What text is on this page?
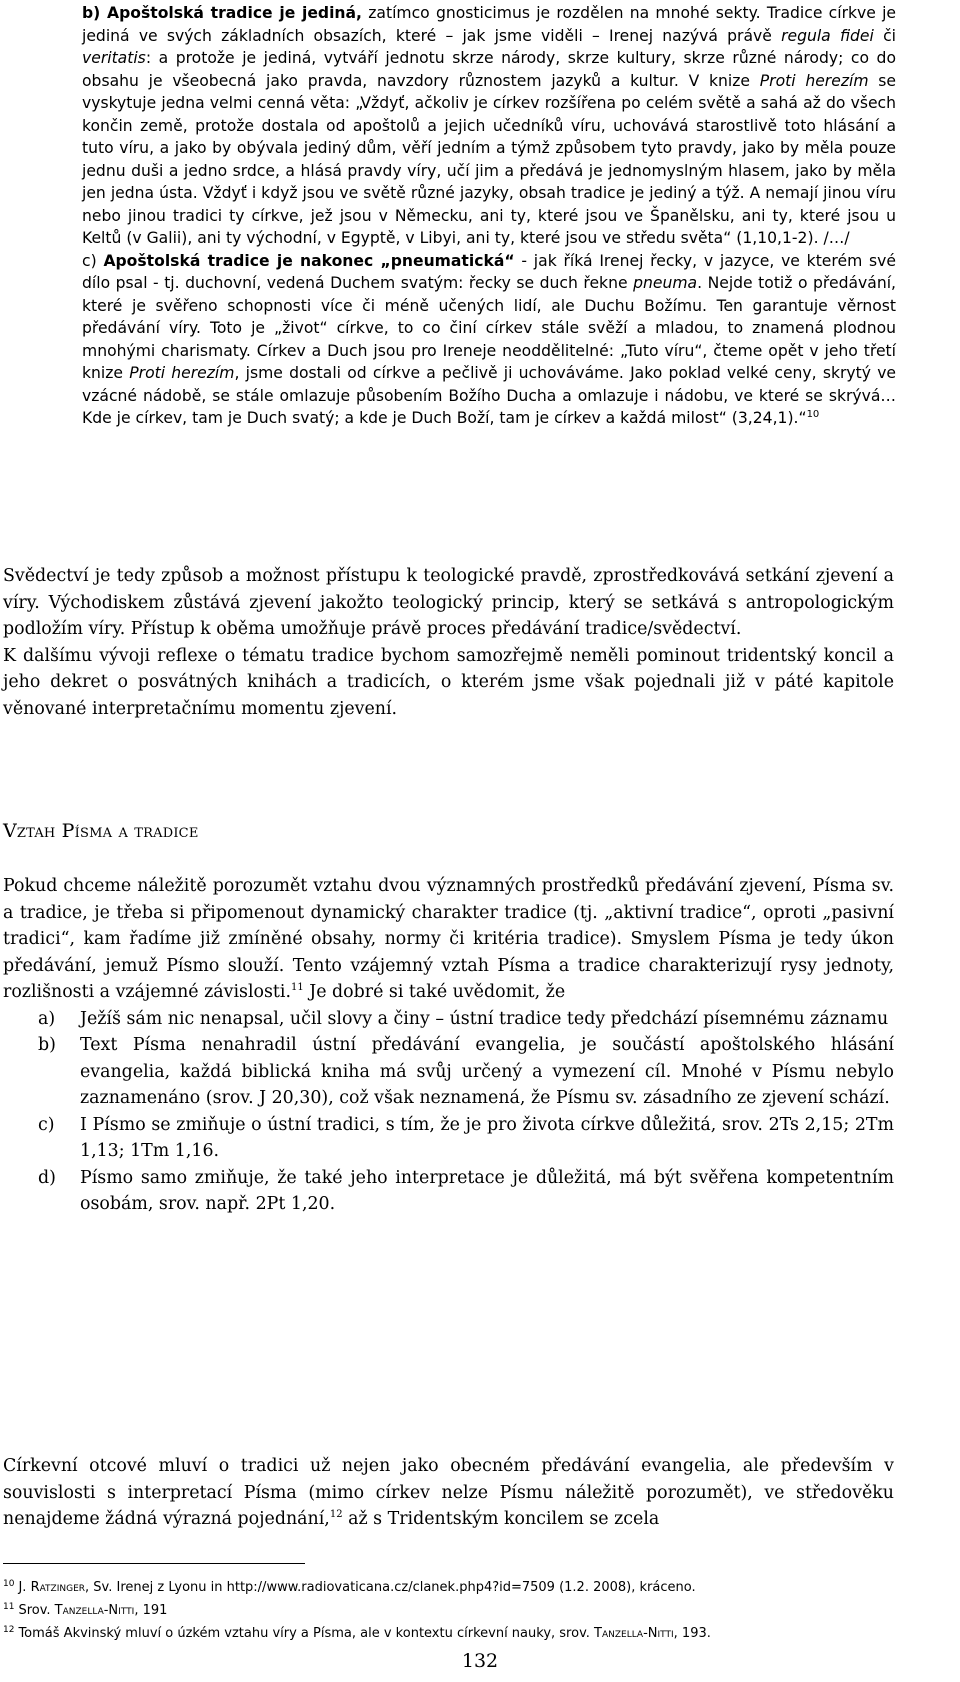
b) Apoštolská tradice je jediná, zatímco gnosticimus je rozdělen na mnohé sekty. Tradice církve je jediná ve svých základních obsazích, které – jak jsme viděli – Irenej nazývá právě regula fidei či veritatis: a protože je jediná, vytváří jednotu skrze národy, skrze kultury, skrze různé národy; co do obsahu je všeobecná jako pravda, navzdory různostem jazyků a kultur. V knize Proti herezím se vyskytuje jedna velmi cenná věta: „Vždyť, ačkoliv je církev rozšířena po celém světě a sahá až do všech končin země, protože dostala od apoštolů a jejich učedníků víru, uchovává starostlivě toto hlásání a tuto víru, a jako by obývala jediný dům, věří jedním a týmž způsobem tyto pravdy, jako by měla pouze jednu duši a jedno srdce, a hlásá pravdy víry, učí jim a předává je jednomyslným hlasem, jako by měla jen jedna ústa. Vždyť i když jsou ve světě různé jazyky, obsah tradice je jediný a týž. A nemají jinou víru nebo jinou tradici ty církve, jež jsou v Německu, ani ty, které jsou ve Španělsku, ani ty, které jsou u Keltů (v Galii), ani ty východní, v Egyptě, v Libyi, ani ty, které jsou ve středu světa“ (1,10,1-2). /…/

c) Apoštolská tradice je nakonec „pneumatická“ - jak říká Irenej řecky, v jazyce, ve kterém své dílo psal - tj. duchovní, vedená Duchem svatým: řecky se duch řekne pneuma. Nejde totiž o předávání, které je svěřeno schopnosti více či méně učených lidí, ale Duchu Božímu. Ten garantuje věrnost předávání víry. Toto je „život“ církve, to co činí církev stále svěží a mladou, to znamená plodnou mnohými charismaty. Církev a Duch jsou pro Ireneje neoddělitelné: „Tuto víru“, čteme opět v jeho třetí knize Proti herezím, jsme dostali od církve a pečlivě ji uchováváme. Jako poklad velké ceny, skrytý ve vzácné nádobě, se stále omlazuje působením Božího Ducha a omlazuje i nádobu, ve které se skrývá… Kde je církev, tam je Duch svatý; a kde je Duch Boží, tam je církev a každá milost“ (3,24,1).“$^{10}$

Svědectví je tedy způsob a možnost přístupu k teologické pravdě, zprostředkovává setkání zjevení a víry. Východiskem zůstává zjevení jakožto teologický princip, který se setkává s antropologickým podložím víry. Přístup k oběma umožňuje právě proces předávání tradice/svědectví.

K dalšímu vývoji reflexe o tématu tradice bychom samozřejmě neměli pominout tridentský koncil a jeho dekret o posvátných knihách a tradicích, o kterém jsme však pojednali již v páté kapitole věnované interpretačnímu momentu zjevení.

Vztah Písma a tradice

Pokud chceme náležitě porozumět vztahu dvou významných prostředků předávání zjevení, Písma sv. a tradice, je třeba si připomenout dynamický charakter tradice (tj. „aktivní tradice“, oproti „pasivní tradici“, kam řadíme již zmíněné obsahy, normy či kritéria tradice). Smyslem Písma je tedy úkon předávání, jemuž Písmo slouží. Tento vzájemný vztah Písma a tradice charakterizují rysy jednoty, rozlišnosti a vzájemné závislosti.$^{11}$ Je dobré si také uvědomit, že

a)	Ježíš sám nic nenapsal, učil slovy a činy – ústní tradice tedy předchází písemnému záznamu
b)	Text Písma nenahradil ústní předávání evangelia, je součástí apoštolského hlásání evangelia, každá biblická kniha má svůj určený a vymezení cíl. Mnohé v Písmu nebylo zaznamenáno (srov. J 20,30), což však neznamená, že Písmu sv. zásadního ze zjevení schází.
c)	I Písmo se zmiňuje o ústní tradici, s tím, že je pro života církve důležitá, srov. 2Ts 2,15; 2Tm 1,13; 1Tm 1,16.
d)	Písmo samo zmiňuje, že také jeho interpretace je důležitá, má být svěřena kompetentním osobám, srov. např. 2Pt 1,20.

Církevní otcové mluví o tradici už nejen jako obecném předávání evangelia, ale především v souvislosti s interpretací Písma (mimo církev nelze Písmu náležitě porozumět), ve středověku nenajdeme žádná výrazná pojednání,$^{12}$ až s Tridentským koncilem se zcela

$^{10}$ J. Ratzinger, Sv. Irenej z Lyonu in http://www.radiovaticana.cz/clanek.php4?id=7509 (1.2. 2008), kráceno.

$^{11}$ Srov. Tanzella-Nitti, 191

$^{12}$ Tomáš Akvinský mluví o úzkém vztahu víry a Písma, ale v kontextu církevní nauky, srov. Tanzella-Nitti, 193.

132
